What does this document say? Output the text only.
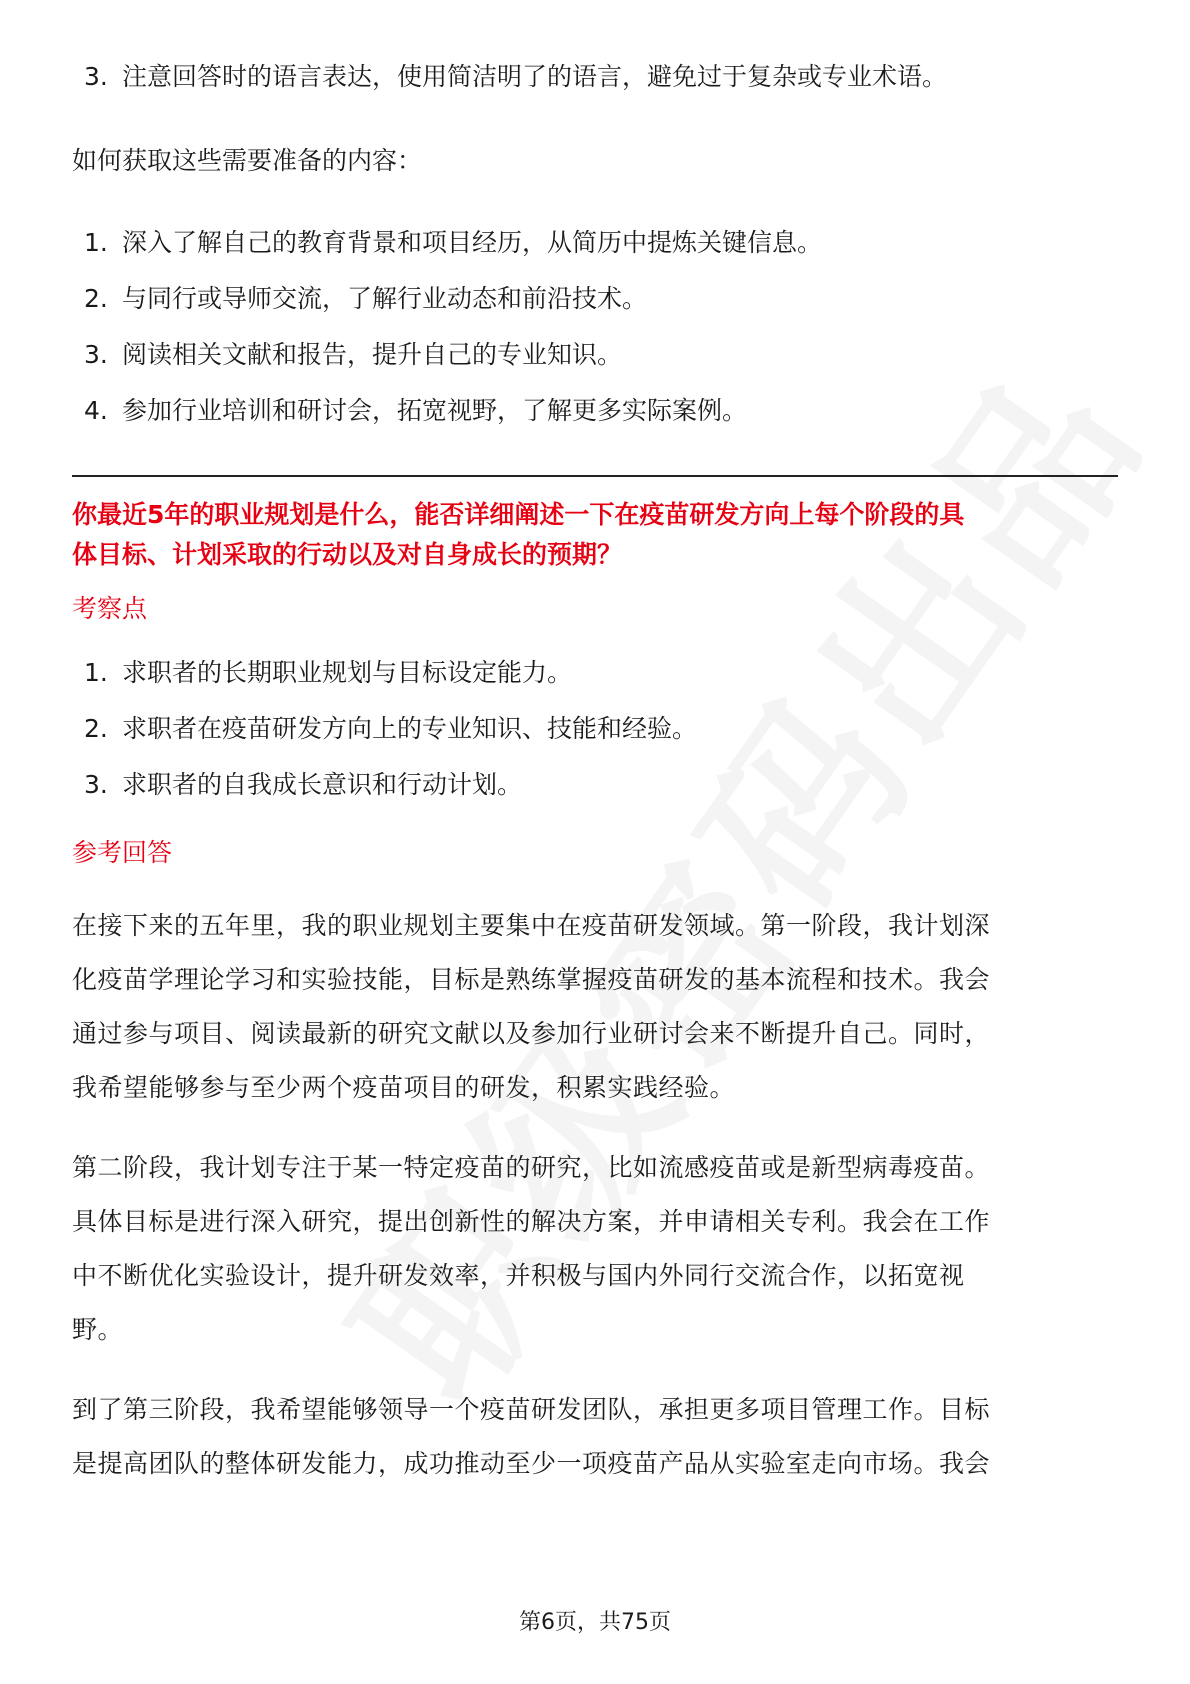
3. 注意回答时的语言表达，使用简洁明了的语言，避免过于复杂或专业术语。

如何获取这些需要准备的内容：

1. 深入了解自己的教育背景和项目经历，从简历中提炼关键信息。
2. 与同行或导师交流，了解行业动态和前沿技术。
3. 阅读相关文献和报告，提升自己的专业知识。
4. 参加行业培训和研讨会，拓宽视野，了解更多实际案例。

你最近5年的职业规划是什么，能否详细阐述一下在疫苗研发方向上每个阶段的具

体目标、计划采取的行动以及对自身成长的预期？

考察点

1. 求职者的长期职业规划与目标设定能力。
2. 求职者在疫苗研发方向上的专业知识、技能和经验。
3. 求职者的自我成长意识和行动计划。

参考回答

在接下来的五年里，我的职业规划主要集中在疫苗研发领域。第一阶段，我计划深

化疫苗学理论学习和实验技能，目标是熟练掌握疫苗研发的基本流程和技术。我会

通过参与项目、阅读最新的研究文献以及参加行业研讨会来不断提升自己。同时，

我希望能够参与至少两个疫苗项目的研发，积累实践经验。

第二阶段，我计划专注于某一特定疫苗的研究，比如流感疫苗或是新型病毒疫苗。

具体目标是进行深入研究，提出创新性的解决方案，并申请相关专利。我会在工作

中不断优化实验设计，提升研发效率，并积极与国内外同行交流合作，以拓宽视

野。

到了第三阶段，我希望能够领导一个疫苗研发团队，承担更多项目管理工作。目标

是提高团队的整体研发能力，成功推动至少一项疫苗产品从实验室走向市场。我会

第6页，共75页
